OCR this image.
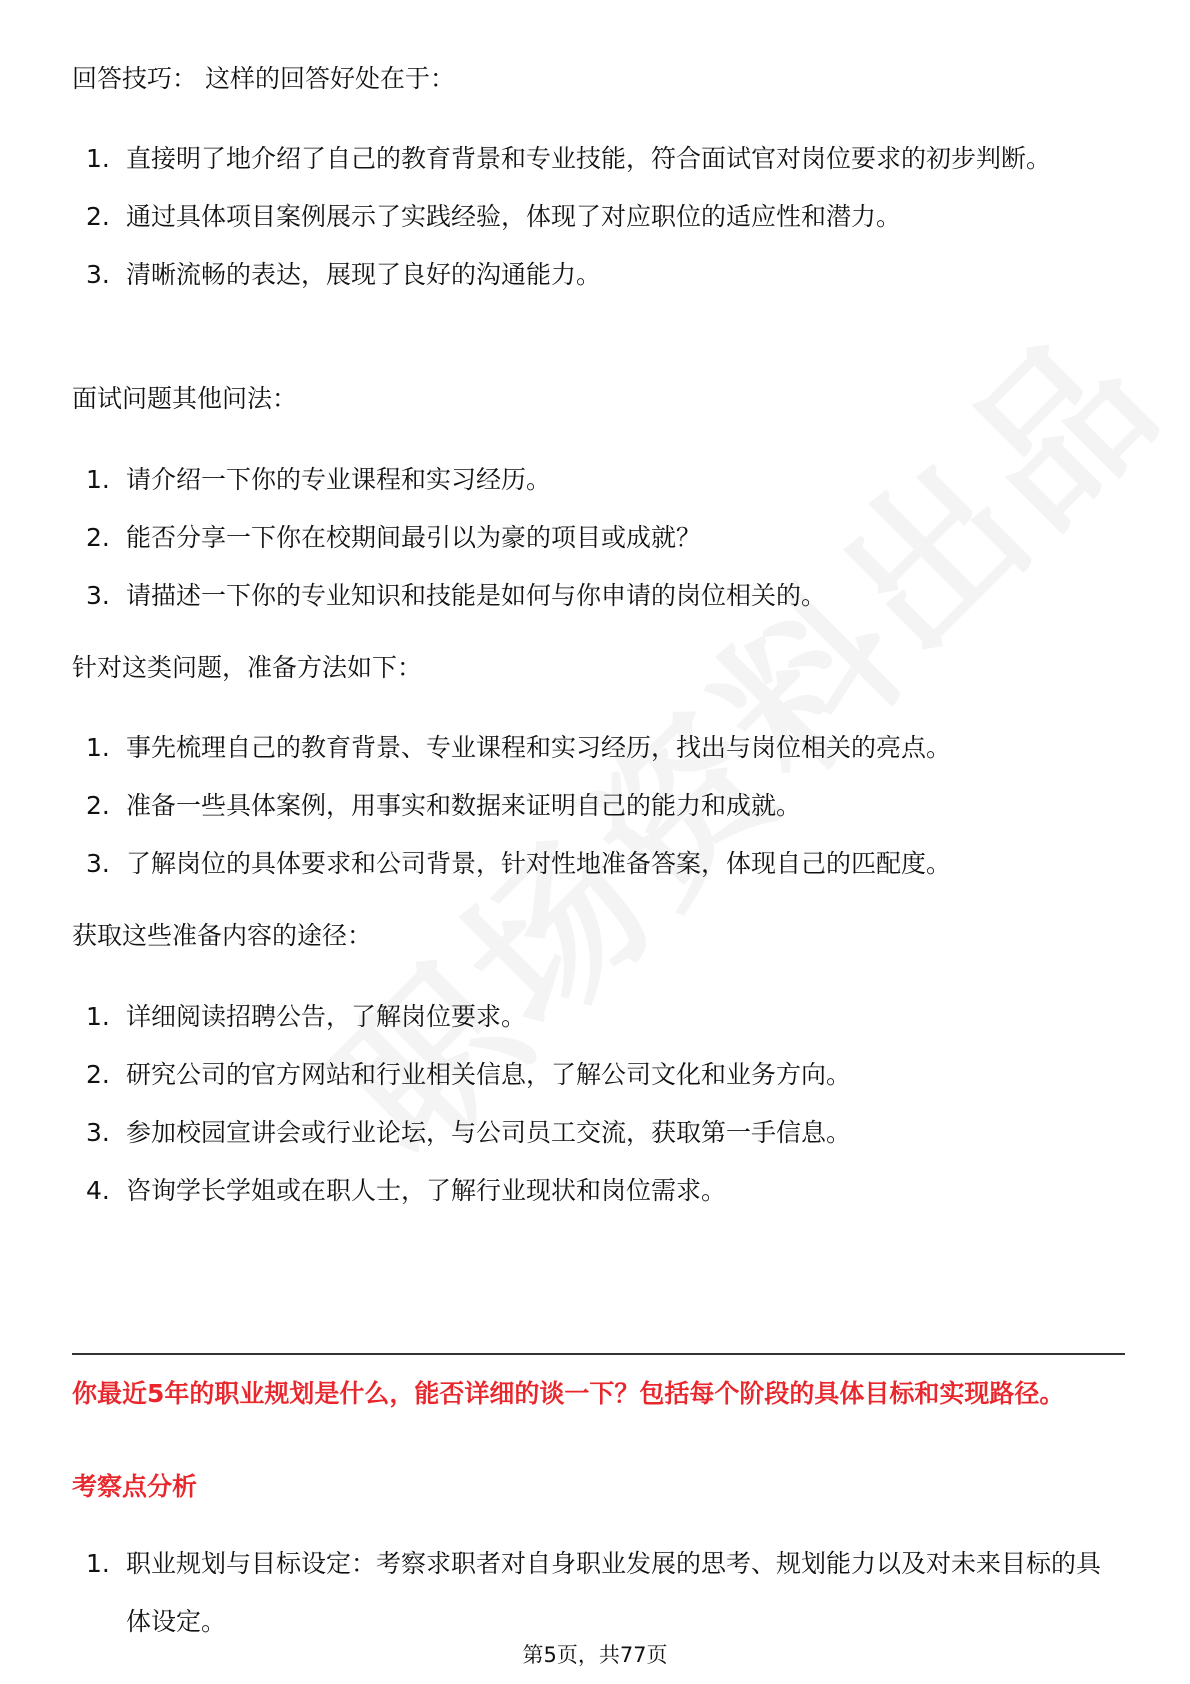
回答技巧： 这样的回答好处在于：
1. 直接明了地介绍了自己的教育背景和专业技能，符合面试官对岗位要求的初步判断。
2. 通过具体项目案例展示了实践经验，体现了对应职位的适应性和潜力。
3. 清晰流畅的表达，展现了良好的沟通能力。
面试问题其他问法：
1. 请介绍一下你的专业课程和实习经历。
2. 能否分享一下你在校期间最引以为豪的项目或成就？
3. 请描述一下你的专业知识和技能是如何与你申请的岗位相关的。
针对这类问题，准备方法如下：
1. 事先梳理自己的教育背景、专业课程和实习经历，找出与岗位相关的亮点。
2. 准备一些具体案例，用事实和数据来证明自己的能力和成就。
3. 了解岗位的具体要求和公司背景，针对性地准备答案，体现自己的匹配度。
获取这些准备内容的途径：
1. 详细阅读招聘公告，了解岗位要求。
2. 研究公司的官方网站和行业相关信息，了解公司文化和业务方向。
3. 参加校园宣讲会或行业论坛，与公司员工交流，获取第一手信息。
4. 咨询学长学姐或在职人士，了解行业现状和岗位需求。
你最近5年的职业规划是什么，能否详细的谈一下？包括每个阶段的具体目标和实现路径。
考察点分析
1. 职业规划与目标设定：考察求职者对自身职业发展的思考、规划能力以及对未来目标的具体设定。
第5页，共77页
